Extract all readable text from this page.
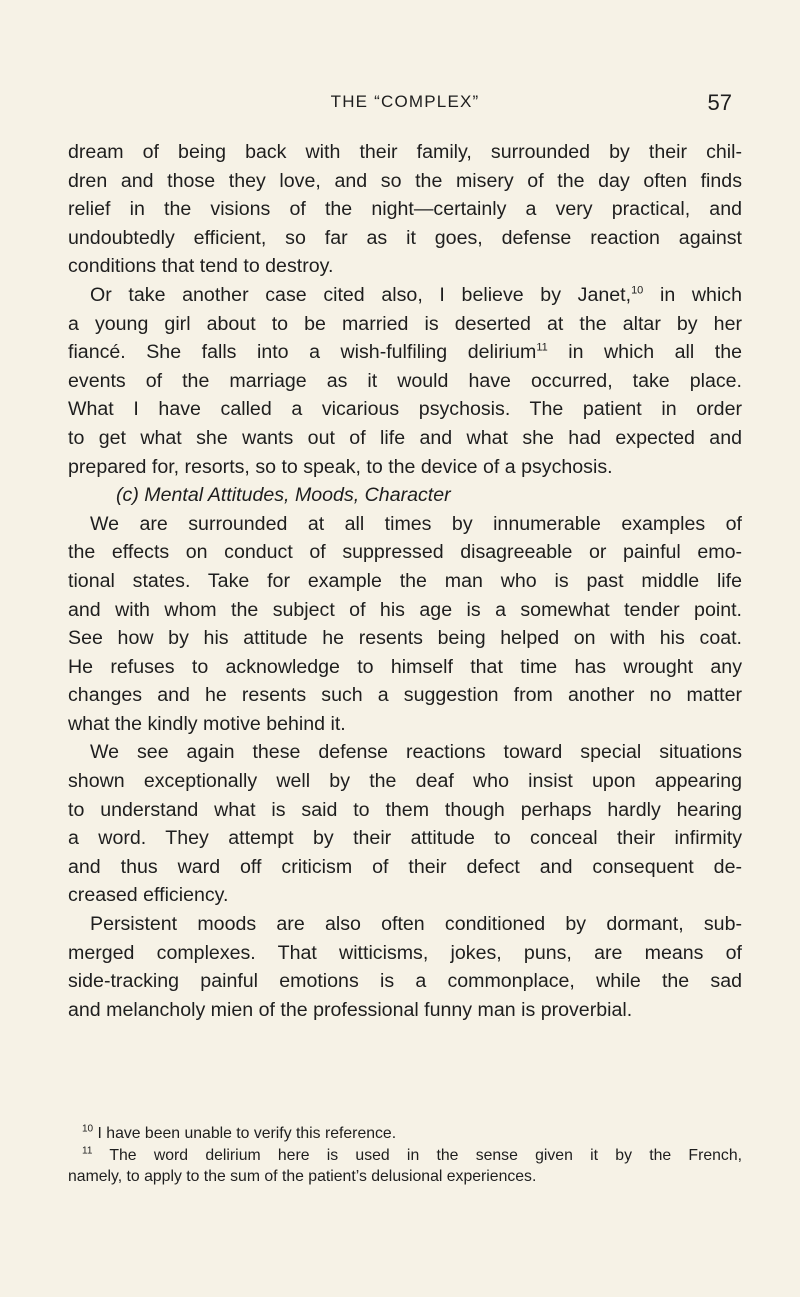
THE “COMPLEX”	57
dream of being back with their family, surrounded by their chil-
dren and those they love, and so the misery of the day often finds
relief in the visions of the night—certainly a very practical, and
undoubtedly efficient, so far as it goes, defense reaction against
conditions that tend to destroy.
Or take another case cited also, I believe by Janet,$^{10}$ in which
a young girl about to be married is deserted at the altar by her
fiancé. She falls into a wish-fulfiling delirium$^{11}$ in which all the
events of the marriage as it would have occurred, take place.
What I have called a vicarious psychosis. The patient in order
to get what she wants out of life and what she had expected and
prepared for, resorts, so to speak, to the device of a psychosis.
(c) Mental Attitudes, Moods, Character
We are surrounded at all times by innumerable examples of
the effects on conduct of suppressed disagreeable or painful emo-
tional states. Take for example the man who is past middle life
and with whom the subject of his age is a somewhat tender point.
See how by his attitude he resents being helped on with his coat.
He refuses to acknowledge to himself that time has wrought any
changes and he resents such a suggestion from another no matter
what the kindly motive behind it.
We see again these defense reactions toward special situations
shown exceptionally well by the deaf who insist upon appearing
to understand what is said to them though perhaps hardly hearing
a word. They attempt by their attitude to conceal their infirmity
and thus ward off criticism of their defect and consequent de-
creased efficiency.
Persistent moods are also often conditioned by dormant, sub-
merged complexes. That witticisms, jokes, puns, are means of
side-tracking painful emotions is a commonplace, while the sad
and melancholy mien of the professional funny man is proverbial.
$^{10}$ I have been unable to verify this reference.
$^{11}$ The word delirium here is used in the sense given it by the French,
namely, to apply to the sum of the patient’s delusional experiences.
